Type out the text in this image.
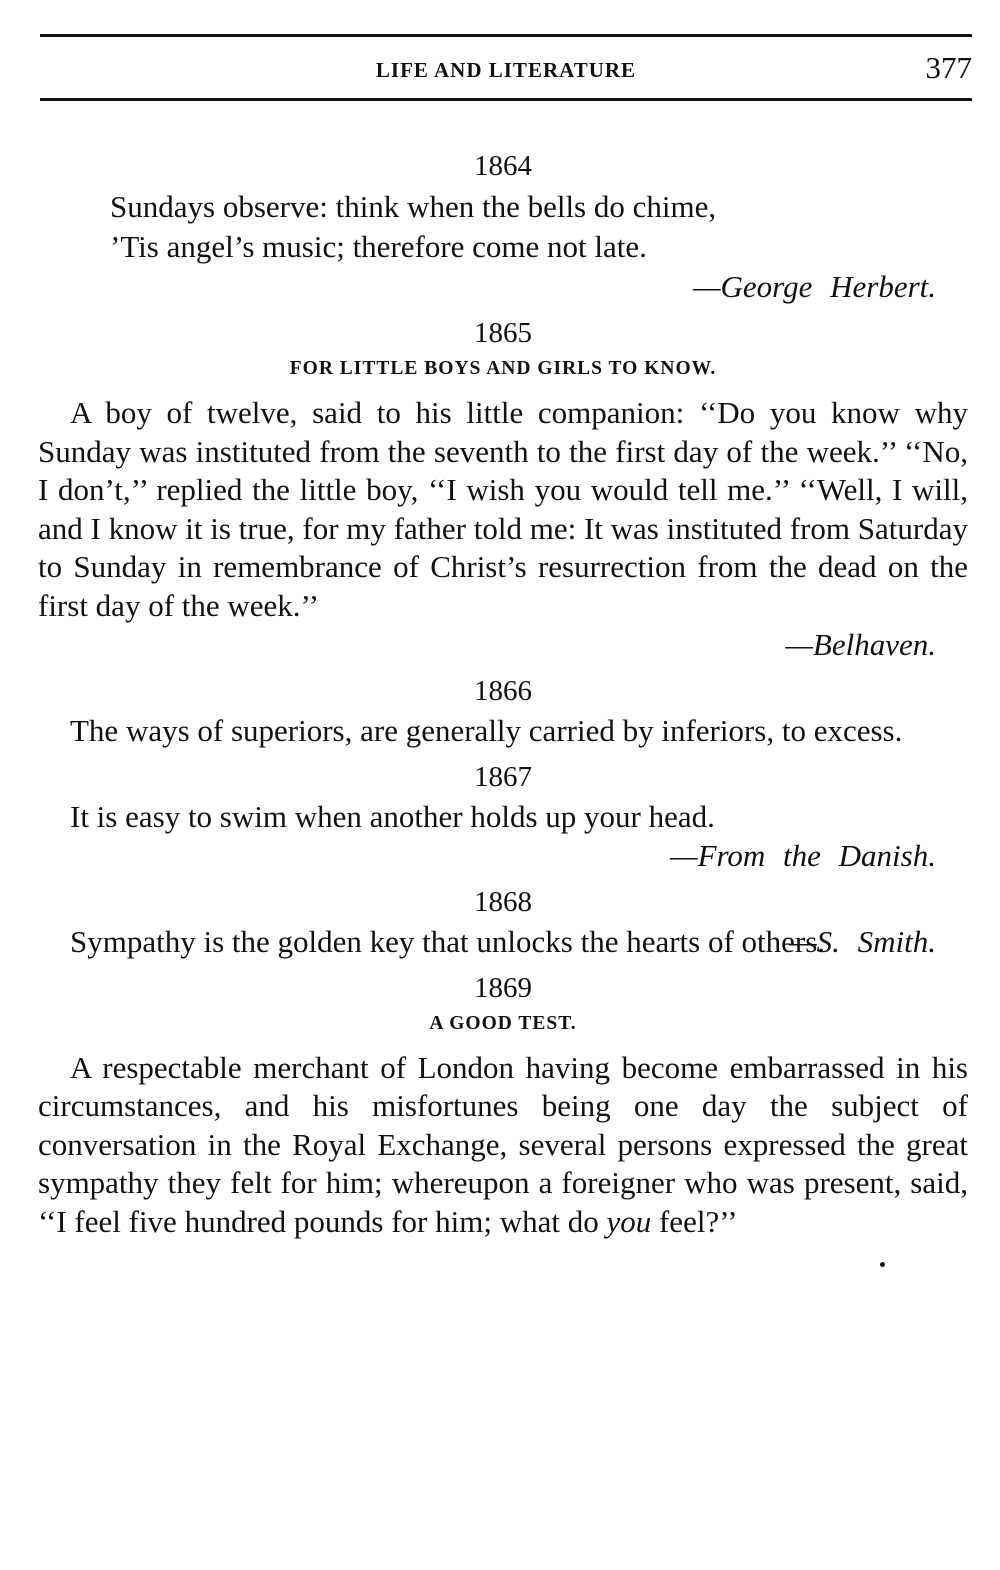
LIFE AND LITERATURE	377
1864
Sundays observe: think when the bells do chime,
’Tis angel’s music; therefore come not late.
—George Herbert.
1865
FOR LITTLE BOYS AND GIRLS TO KNOW.

A boy of twelve, said to his little companion: ‘‘Do you know why Sunday was instituted from the seventh to the first day of the week.’’ ‘‘No, I don’t,’’ replied the little boy, ‘‘I wish you would tell me.’’ ‘‘Well, I will, and I know it is true, for my father told me: It was instituted from Saturday to Sunday in remembrance of Christ’s resurrection from the dead on the first day of the week.’’

—Belhaven.
1866

The ways of superiors, are generally carried by inferiors, to excess.

1867

It is easy to swim when another holds up your head.

—From the Danish.
1868

Sympathy is the golden key that unlocks the hearts of others.

—S. Smith.
1869
A GOOD TEST.

A respectable merchant of London having become embarrassed in his circumstances, and his misfortunes being one day the subject of conversation in the Royal Exchange, several persons expressed the great sympathy they felt for him; whereupon a foreigner who was present, said, ‘‘I feel five hundred pounds for him; what do you feel?’’
